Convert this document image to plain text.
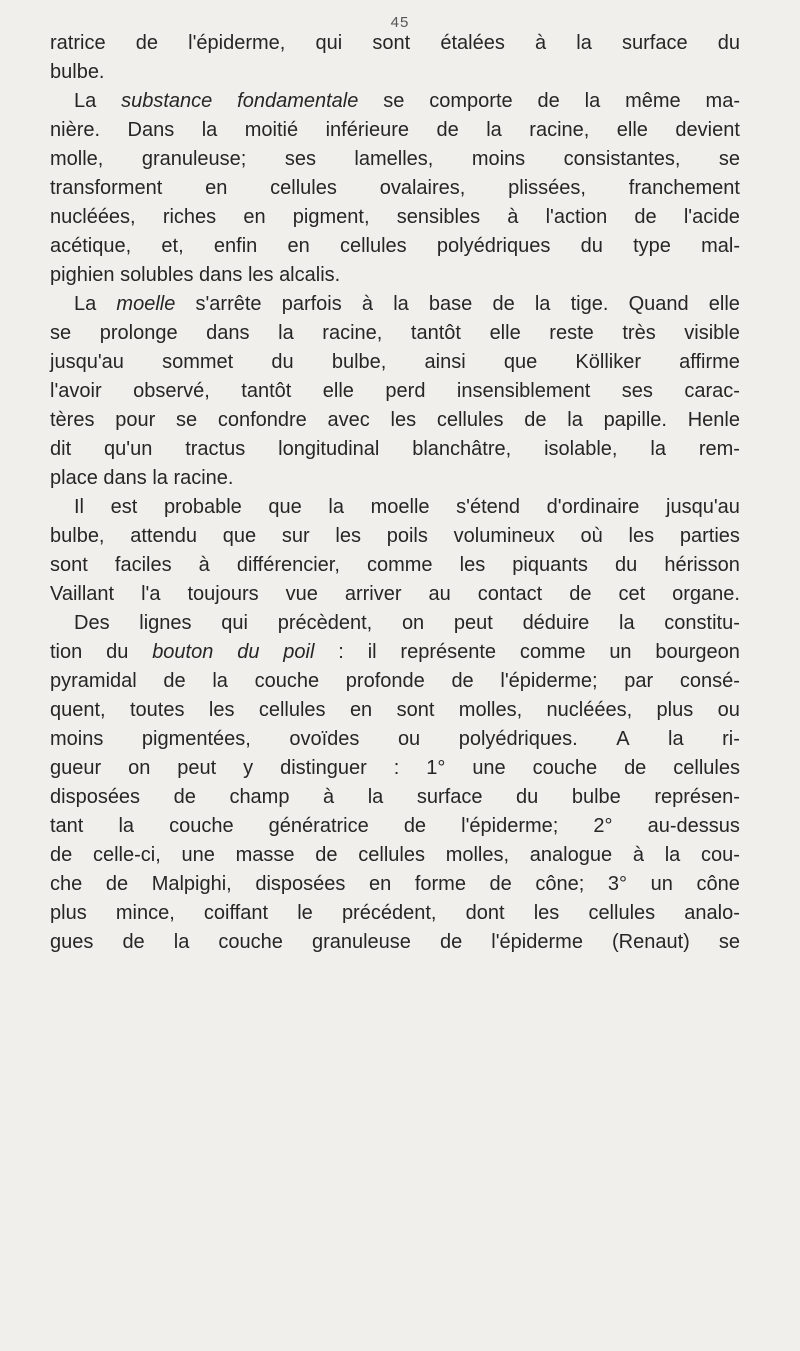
45
ratrice de l'épiderme, qui sont étalées à la surface du
bulbe.
La substance fondamentale se comporte de la même ma-
nière. Dans la moitié inférieure de la racine, elle devient
molle, granuleuse; ses lamelles, moins consistantes, se
transforment en cellules ovalaires, plissées, franchement
nucléées, riches en pigment, sensibles à l'action de l'acide
acétique, et, enfin en cellules polyédriques du type mal-
pighien solubles dans les alcalis.
La moelle s'arrête parfois à la base de la tige. Quand elle
se prolonge dans la racine, tantôt elle reste très visible
jusqu'au sommet du bulbe, ainsi que Kölliker affirme
l'avoir observé, tantôt elle perd insensiblement ses carac-
tères pour se confondre avec les cellules de la papille. Henle
dit qu'un tractus longitudinal blanchâtre, isolable, la rem-
place dans la racine.
Il est probable que la moelle s'étend d'ordinaire jusqu'au
bulbe, attendu que sur les poils volumineux où les parties
sont faciles à différencier, comme les piquants du hérisson
Vaillant l'a toujours vue arriver au contact de cet organe.
Des lignes qui précèdent, on peut déduire la constitu-
tion du bouton du poil : il représente comme un bourgeon
pyramidal de la couche profonde de l'épiderme; par consé-
quent, toutes les cellules en sont molles, nucléées, plus ou
moins pigmentées, ovoïdes ou polyédriques. A la ri-
gueur on peut y distinguer : 1° une couche de cellules
disposées de champ à la surface du bulbe représen-
tant la couche génératrice de l'épiderme; 2° au-dessus
de celle-ci, une masse de cellules molles, analogue à la cou-
che de Malpighi, disposées en forme de cône; 3° un cône
plus mince, coiffant le précédent, dont les cellules analo-
gues de la couche granuleuse de l'épiderme (Renaut) se
